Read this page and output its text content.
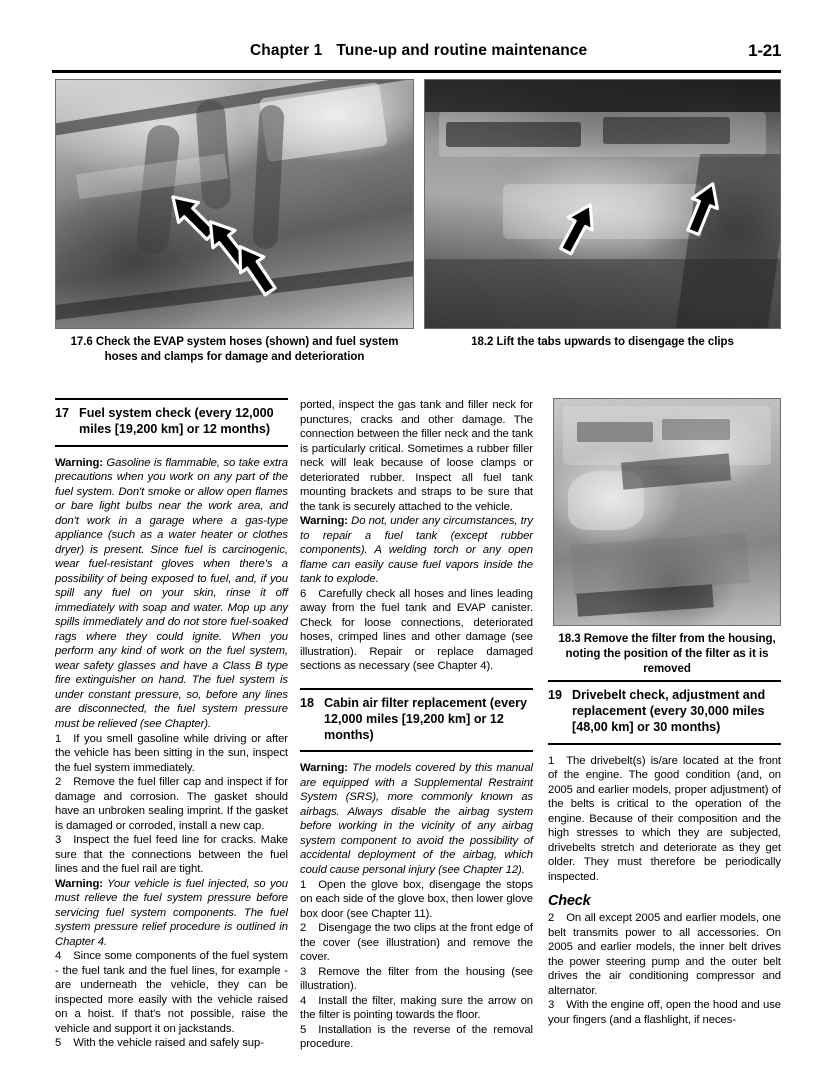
Chapter 1 Tune-up and routine maintenance	1-21
17.6 Check the EVAP system hoses (shown) and fuel system hoses and clamps for damage and deterioration
18.2 Lift the tabs upwards to disengage the clips
18.3 Remove the filter from the housing, noting the position of the filter as it is removed
17 Fuel system check (every 12,000 miles [19,200 km] or 12 months)

Warning: Gasoline is flammable, so take extra precautions when you work on any part of the fuel system. Don't smoke or allow open flames or bare light bulbs near the work area, and don't work in a garage where a gas-type appliance (such as a water heater or clothes dryer) is present. Since fuel is carcinogenic, wear fuel-resistant gloves when there's a possibility of being exposed to fuel, and, if you spill any fuel on your skin, rinse it off immediately with soap and water. Mop up any spills immediately and do not store fuel-soaked rags where they could ignite. When you perform any kind of work on the fuel system, wear safety glasses and have a Class B type fire extinguisher on hand. The fuel system is under constant pressure, so, before any lines are disconnected, the fuel system pressure must be relieved (see Chapter).

1 If you smell gasoline while driving or after the vehicle has been sitting in the sun, inspect the fuel system immediately.

2 Remove the fuel filler cap and inspect if for damage and corrosion. The gasket should have an unbroken sealing imprint. If the gasket is damaged or corroded, install a new cap.

3 Inspect the fuel feed line for cracks. Make sure that the connections between the fuel lines and the fuel rail are tight.

Warning: Your vehicle is fuel injected, so you must relieve the fuel system pressure before servicing fuel system components. The fuel system pressure relief procedure is outlined in Chapter 4.

4 Since some components of the fuel system - the fuel tank and the fuel lines, for example - are underneath the vehicle, they can be inspected more easily with the vehicle raised on a hoist. If that's not possible, raise the vehicle and support it on jackstands.

5 With the vehicle raised and safely sup-

ported, inspect the gas tank and filler neck for punctures, cracks and other damage. The connection between the filler neck and the tank is particularly critical. Sometimes a rubber filler neck will leak because of loose clamps or deteriorated rubber. Inspect all fuel tank mounting brackets and straps to be sure that the tank is securely attached to the vehicle.

Warning: Do not, under any circumstances, try to repair a fuel tank (except rubber components). A welding torch or any open flame can easily cause fuel vapors inside the tank to explode.

6 Carefully check all hoses and lines leading away from the fuel tank and EVAP canister. Check for loose connections, deteriorated hoses, crimped lines and other damage (see illustration). Repair or replace damaged sections as necessary (see Chapter 4).

18 Cabin air filter replacement (every 12,000 miles [19,200 km] or 12 months)

Warning: The models covered by this manual are equipped with a Supplemental Restraint System (SRS), more commonly known as airbags. Always disable the airbag system before working in the vicinity of any airbag system component to avoid the possibility of accidental deployment of the airbag, which could cause personal injury (see Chapter 12).

1 Open the glove box, disengage the stops on each side of the glove box, then lower glove box door (see Chapter 11).

2 Disengage the two clips at the front edge of the cover (see illustration) and remove the cover.

3 Remove the filter from the housing (see illustration).

4 Install the filter, making sure the arrow on the filter is pointing towards the floor.

5 Installation is the reverse of the removal procedure.

19 Drivebelt check, adjustment and replacement (every 30,000 miles [48,00 km] or 30 months)

1 The drivebelt(s) is/are located at the front of the engine. The good condition (and, on 2005 and earlier models, proper adjustment) of the belts is critical to the operation of the engine. Because of their composition and the high stresses to which they are subjected, drivebelts stretch and deteriorate as they get older. They must therefore be periodically inspected.

Check

2 On all except 2005 and earlier models, one belt transmits power to all accessories. On 2005 and earlier models, the inner belt drives the power steering pump and the outer belt drives the air conditioning compressor and alternator.

3 With the engine off, open the hood and use your fingers (and a flashlight, if neces-
